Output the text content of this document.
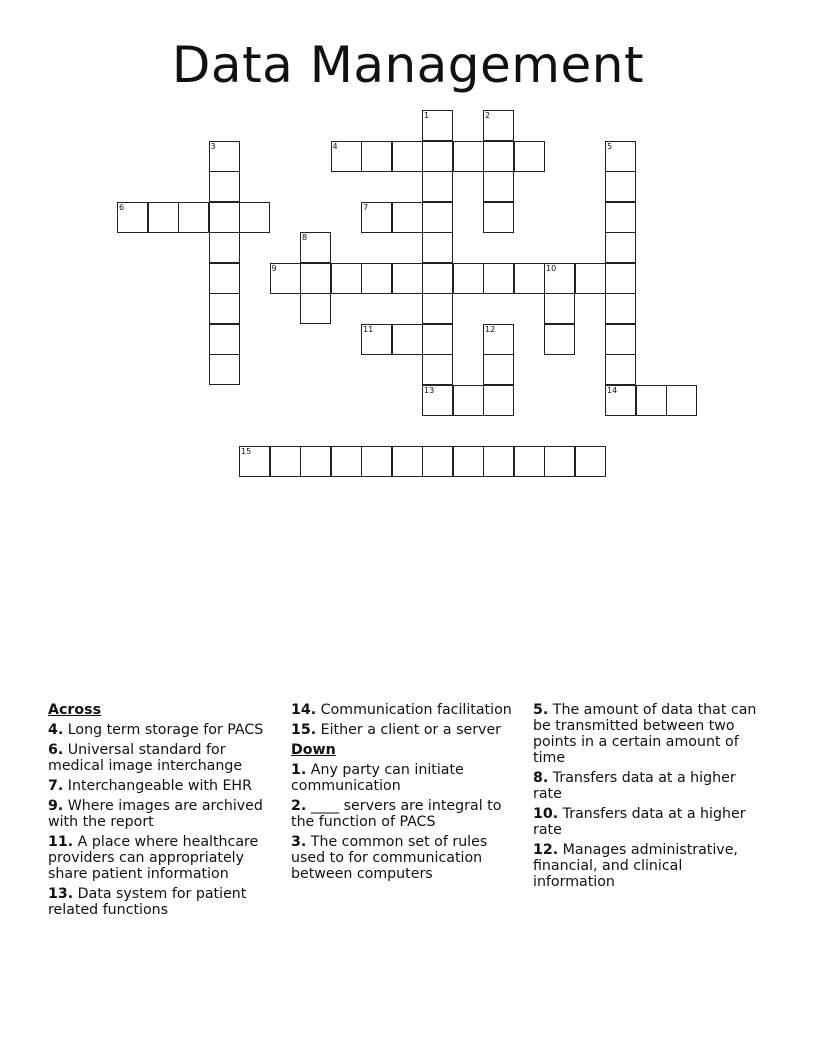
Data Management
4
6	7
9	10
11
13	14
15
1	2
3	5
8
12
Across
4. Long term storage for PACS
6. Universal standard for medical image interchange
7. Interchangeable with EHR
9. Where images are archived with the report
11. A place where healthcare providers can appropriately share patient information
13. Data system for patient related functions
14. Communication facilitation
15. Either a client or a server
Down
1. Any party can initiate communication
2. ____ servers are integral to the function of PACS
3. The common set of rules used to for communication between computers
5. The amount of data that can be transmitted between two points in a certain amount of time
8. Transfers data at a higher rate
10. Transfers data at a higher rate
12. Manages administrative, financial, and clinical information
